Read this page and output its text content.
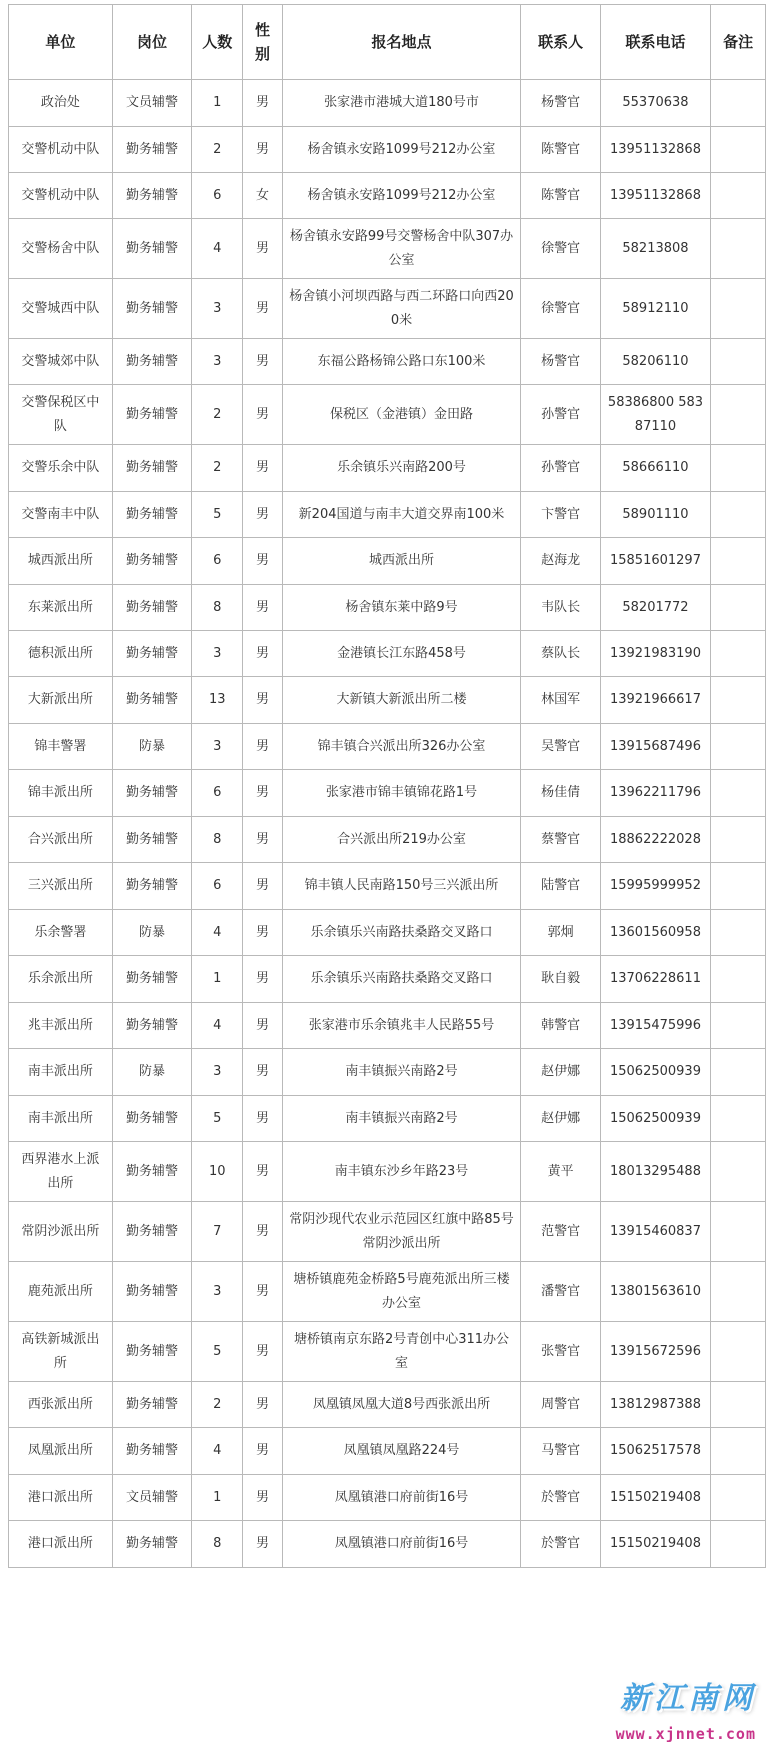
单位	岗位	人数	性别	报名地点	联系人	联系电话	备注
政治处	文员辅警	1	男	张家港市港城大道180号市	杨警官	55370638	
交警机动中队	勤务辅警	2	男	杨舍镇永安路1099号212办公室	陈警官	13951132868	
交警机动中队	勤务辅警	6	女	杨舍镇永安路1099号212办公室	陈警官	13951132868	
交警杨舍中队	勤务辅警	4	男	杨舍镇永安路99号交警杨舍中队307办公室	徐警官	58213808	
交警城西中队	勤务辅警	3	男	杨舍镇小河坝西路与西二环路口向西200米	徐警官	58912110	
交警城郊中队	勤务辅警	3	男	东福公路杨锦公路口东100米	杨警官	58206110	
交警保税区中队	勤务辅警	2	男	保税区（金港镇）金田路	孙警官	58386800 58387110	
交警乐余中队	勤务辅警	2	男	乐余镇乐兴南路200号	孙警官	58666110	
交警南丰中队	勤务辅警	5	男	新204国道与南丰大道交界南100米	卞警官	58901110	
城西派出所	勤务辅警	6	男	城西派出所	赵海龙	15851601297	
东莱派出所	勤务辅警	8	男	杨舍镇东莱中路9号	韦队长	58201772	
德积派出所	勤务辅警	3	男	金港镇长江东路458号	蔡队长	13921983190	
大新派出所	勤务辅警	13	男	大新镇大新派出所二楼	林国军	13921966617	
锦丰警署	防暴	3	男	锦丰镇合兴派出所326办公室	吴警官	13915687496	
锦丰派出所	勤务辅警	6	男	张家港市锦丰镇锦花路1号	杨佳倩	13962211796	
合兴派出所	勤务辅警	8	男	合兴派出所219办公室	蔡警官	18862222028	
三兴派出所	勤务辅警	6	男	锦丰镇人民南路150号三兴派出所	陆警官	15995999952	
乐余警署	防暴	4	男	乐余镇乐兴南路扶桑路交叉路口	郭炯	13601560958	
乐余派出所	勤务辅警	1	男	乐余镇乐兴南路扶桑路交叉路口	耿自毅	13706228611	
兆丰派出所	勤务辅警	4	男	张家港市乐余镇兆丰人民路55号	韩警官	13915475996	
南丰派出所	防暴	3	男	南丰镇振兴南路2号	赵伊娜	15062500939	
南丰派出所	勤务辅警	5	男	南丰镇振兴南路2号	赵伊娜	15062500939	
西界港水上派出所	勤务辅警	10	男	南丰镇东沙乡年路23号	黄平	18013295488	
常阴沙派出所	勤务辅警	7	男	常阴沙现代农业示范园区红旗中路85号常阴沙派出所	范警官	13915460837	
鹿苑派出所	勤务辅警	3	男	塘桥镇鹿苑金桥路5号鹿苑派出所三楼办公室	潘警官	13801563610	
高铁新城派出所	勤务辅警	5	男	塘桥镇南京东路2号青创中心311办公室	张警官	13915672596	
西张派出所	勤务辅警	2	男	凤凰镇凤凰大道8号西张派出所	周警官	13812987388	
凤凰派出所	勤务辅警	4	男	凤凰镇凤凰路224号	马警官	15062517578	
港口派出所	文员辅警	1	男	凤凰镇港口府前街16号	於警官	15150219408	
港口派出所	勤务辅警	8	男	凤凰镇港口府前街16号	於警官	15150219408	
新江南网
www.xjnnet.com
